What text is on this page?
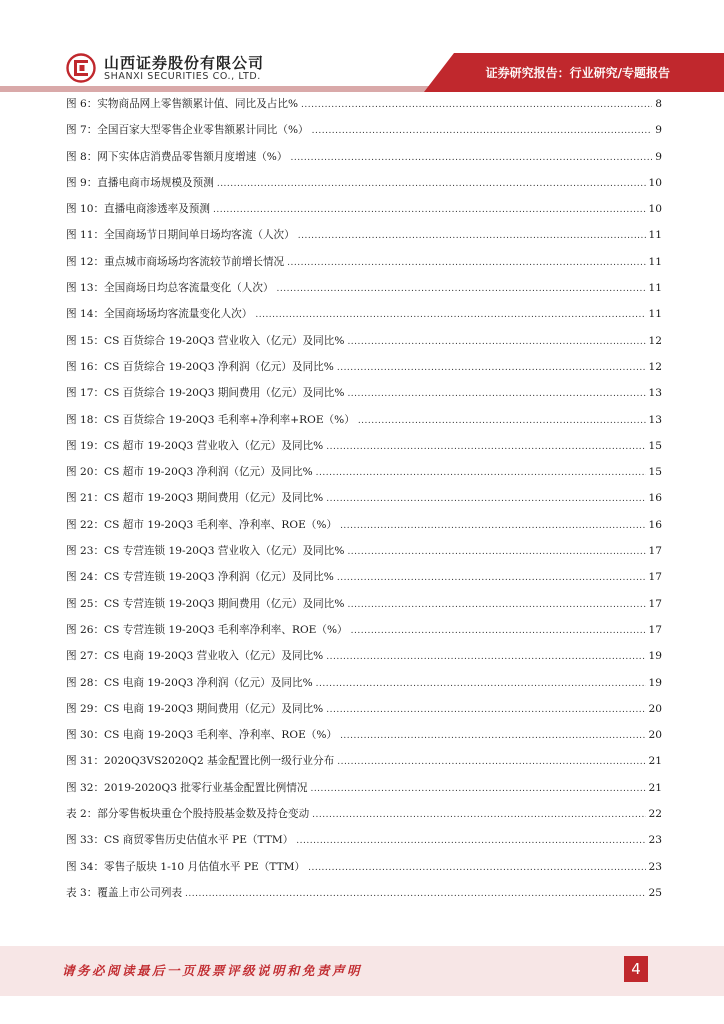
山西证券股份有限公司
SHANXI SECURITIES CO., LTD.	证券研究报告：行业研究/专题报告
图 6：实物商品网上零售额累计值、同比及占比% .....	8
图 7：全国百家大型零售企业零售额累计同比（%） .....	9
图 8：网下实体店消费品零售额月度增速（%） .....	9
图 9：直播电商市场规模及预测 .....	10
图 10：直播电商渗透率及预测 .....	10
图 11：全国商场节日期间单日场均客流（人次） .....	11
图 12：重点城市商场场均客流较节前增长情况 .....	11
图 13：全国商场日均总客流量变化（人次） .....	11
图 14：全国商场场均客流量变化人次） .....	11
图 15：CS 百货综合 19-20Q3 营业收入（亿元）及同比% .....	12
图 16：CS 百货综合 19-20Q3 净利润（亿元）及同比% .....	12
图 17：CS 百货综合 19-20Q3 期间费用（亿元）及同比% .....	13
图 18：CS 百货综合 19-20Q3 毛利率+净利率+ROE（%） .....	13
图 19：CS 超市 19-20Q3 营业收入（亿元）及同比% .....	15
图 20：CS 超市 19-20Q3 净利润（亿元）及同比% .....	15
图 21：CS 超市 19-20Q3 期间费用（亿元）及同比% .....	16
图 22：CS 超市 19-20Q3 毛利率、净利率、ROE（%） .....	16
图 23：CS 专营连锁 19-20Q3 营业收入（亿元）及同比% .....	17
图 24：CS 专营连锁 19-20Q3 净利润（亿元）及同比% .....	17
图 25：CS 专营连锁 19-20Q3 期间费用（亿元）及同比% .....	17
图 26：CS 专营连锁 19-20Q3 毛利率净利率、ROE（%） .....	17
图 27：CS 电商 19-20Q3 营业收入（亿元）及同比% .....	19
图 28：CS 电商 19-20Q3 净利润（亿元）及同比% .....	19
图 29：CS 电商 19-20Q3 期间费用（亿元）及同比% .....	20
图 30：CS 电商 19-20Q3 毛利率、净利率、ROE（%） .....	20
图 31：2020Q3VS2020Q2 基金配置比例一级行业分布 .....	21
图 32：2019-2020Q3 批零行业基金配置比例情况 .....	21
表 2：部分零售板块重仓个股持股基金数及持仓变动 .....	22
图 33：CS 商贸零售历史估值水平 PE（TTM） .....	23
图 34：零售子版块 1-10 月估值水平 PE（TTM） .....	23
表 3：覆盖上市公司列表 .....	25
请务必阅读最后一页股票评级说明和免责声明	4
